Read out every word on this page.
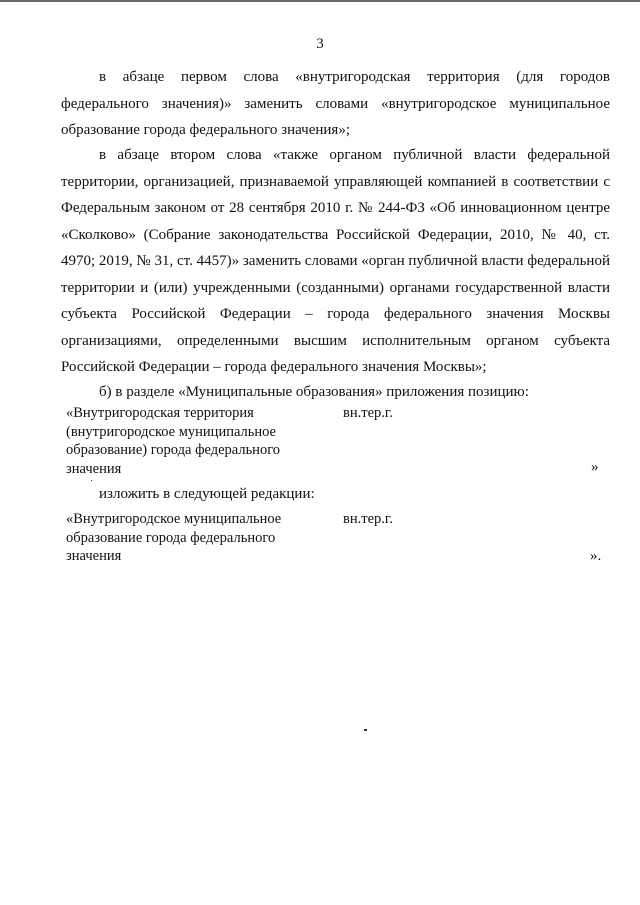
3

в абзаце первом слова «внутригородская территория (для городов федерального значения)» заменить словами «внутригородское муниципальное образование города федерального значения»;

в абзаце втором слова «также органом публичной власти федеральной территории, организацией, признаваемой управляющей компанией в соответствии с Федеральным законом от 28 сентября 2010 г. № 244-ФЗ «Об инновационном центре «Сколково» (Собрание законодательства Российской Федерации, 2010, № 40, ст. 4970; 2019, № 31, ст. 4457)» заменить словами «орган публичной власти федеральной территории и (или) учрежденными (созданными) органами государственной власти субъекта Российской Федерации – города федерального значения Москвы организациями, определенными высшим исполнительным органом субъекта Российской Федерации – города федерального значения Москвы»;

б) в разделе «Муниципальные образования» приложения позицию:

«Внутригородская территория
(внутригородское муниципальное
образование) города федерального
значения
вн.тер.г.
»

изложить в следующей редакции:

«Внутригородское муниципальное
образование города федерального
значения
вн.тер.г.
».
